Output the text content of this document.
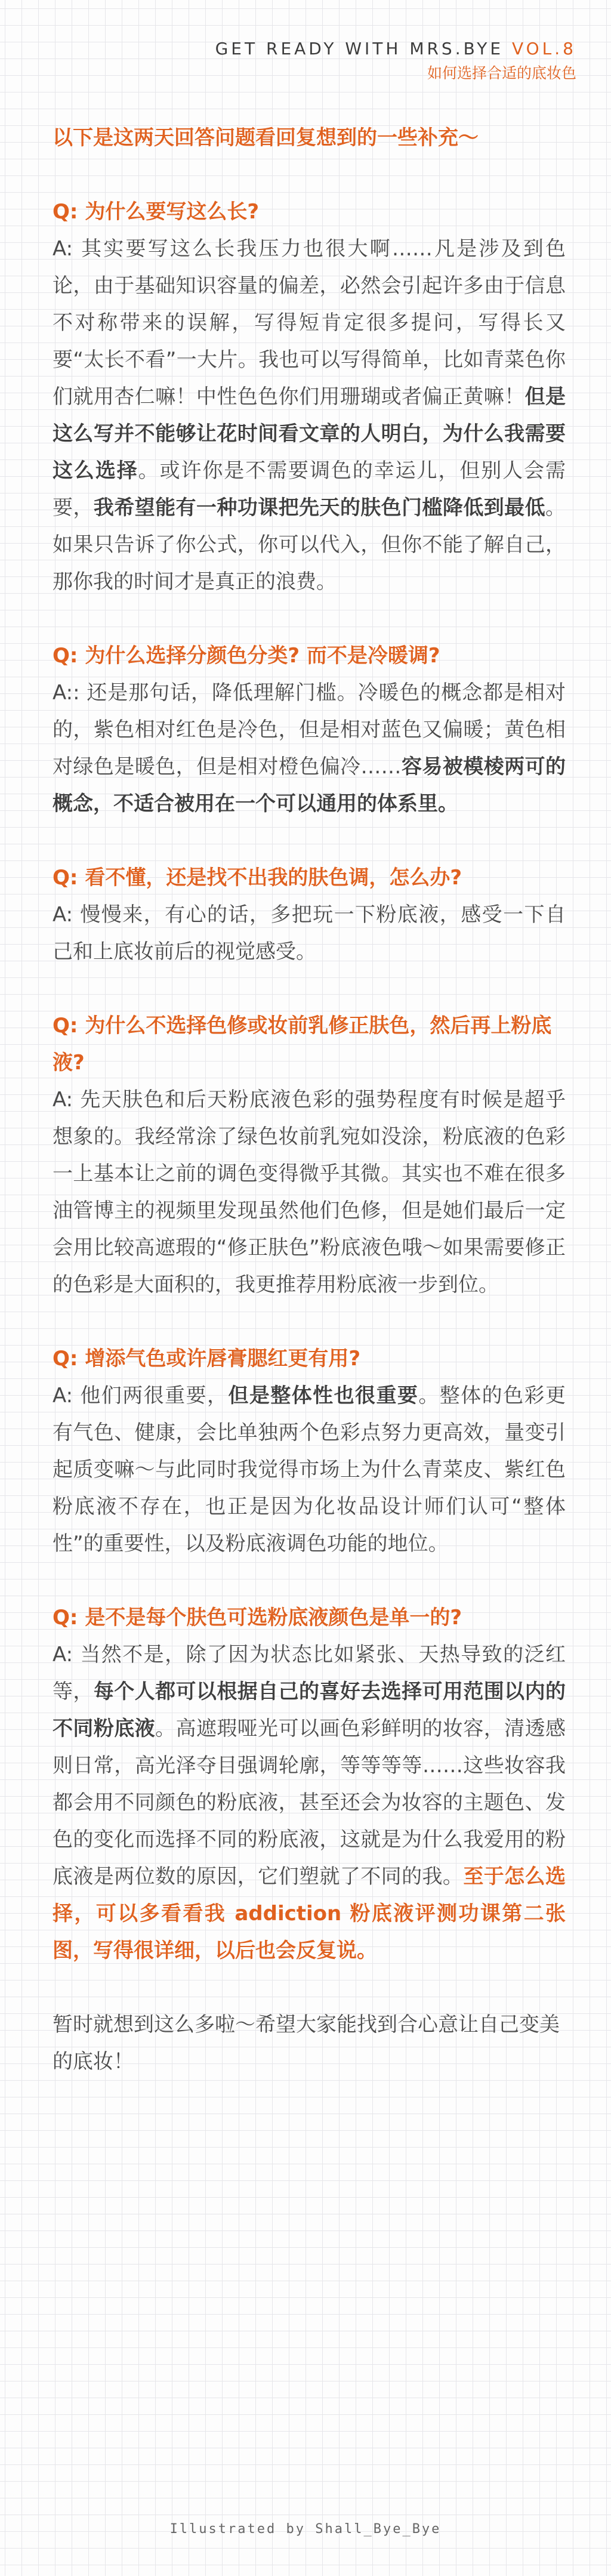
GET READY WITH MRS.BYE VOL.8
如何选择合适的底妆色

以下是这两天回答问题看回复想到的一些补充～

Q: 为什么要写这么长?

A: 其实要写这么长我压力也很大啊……凡是涉及到色论，由于基础知识容量的偏差，必然会引起许多由于信息不对称带来的误解，写得短肯定很多提问，写得长又要“太长不看”一大片。我也可以写得简单，比如青菜色你们就用杏仁嘛！中性色色你们用珊瑚或者偏正黄嘛！但是这么写并不能够让花时间看文章的人明白，为什么我需要这么选择。或许你是不需要调色的幸运儿，但别人会需要，我希望能有一种功课把先天的肤色门槛降低到最低。如果只告诉了你公式，你可以代入，但你不能了解自己，那你我的时间才是真正的浪费。

Q: 为什么选择分颜色分类? 而不是冷暖调?

A:: 还是那句话，降低理解门槛。冷暖色的概念都是相对的，紫色相对红色是冷色，但是相对蓝色又偏暖；黄色相对绿色是暖色，但是相对橙色偏冷……容易被模棱两可的概念，不适合被用在一个可以通用的体系里。

Q: 看不懂，还是找不出我的肤色调，怎么办?

A: 慢慢来，有心的话，多把玩一下粉底液，感受一下自己和上底妆前后的视觉感受。

Q: 为什么不选择色修或妆前乳修正肤色，然后再上粉底液?

A: 先天肤色和后天粉底液色彩的强势程度有时候是超乎想象的。我经常涂了绿色妆前乳宛如没涂，粉底液的色彩一上基本让之前的调色变得微乎其微。其实也不难在很多油管博主的视频里发现虽然他们色修，但是她们最后一定会用比较高遮瑕的“修正肤色”粉底液色哦～如果需要修正的色彩是大面积的，我更推荐用粉底液一步到位。

Q: 增添气色或许唇膏腮红更有用?

A: 他们两很重要，但是整体性也很重要。整体的色彩更有气色、健康，会比单独两个色彩点努力更高效，量变引起质变嘛～与此同时我觉得市场上为什么青菜皮、紫红色粉底液不存在，也正是因为化妆品设计师们认可“整体性”的重要性，以及粉底液调色功能的地位。

Q: 是不是每个肤色可选粉底液颜色是单一的?

A: 当然不是，除了因为状态比如紧张、天热导致的泛红等，每个人都可以根据自己的喜好去选择可用范围以内的不同粉底液。高遮瑕哑光可以画色彩鲜明的妆容，清透感则日常，高光泽夺目强调轮廓，等等等等……这些妆容我都会用不同颜色的粉底液，甚至还会为妆容的主题色、发色的变化而选择不同的粉底液，这就是为什么我爱用的粉底液是两位数的原因，它们塑就了不同的我。至于怎么选择，可以多看看我 addiction 粉底液评测功课第二张图，写得很详细，以后也会反复说。

暂时就想到这么多啦～希望大家能找到合心意让自己变美的底妆！

Illustrated by Shall_Bye_Bye
